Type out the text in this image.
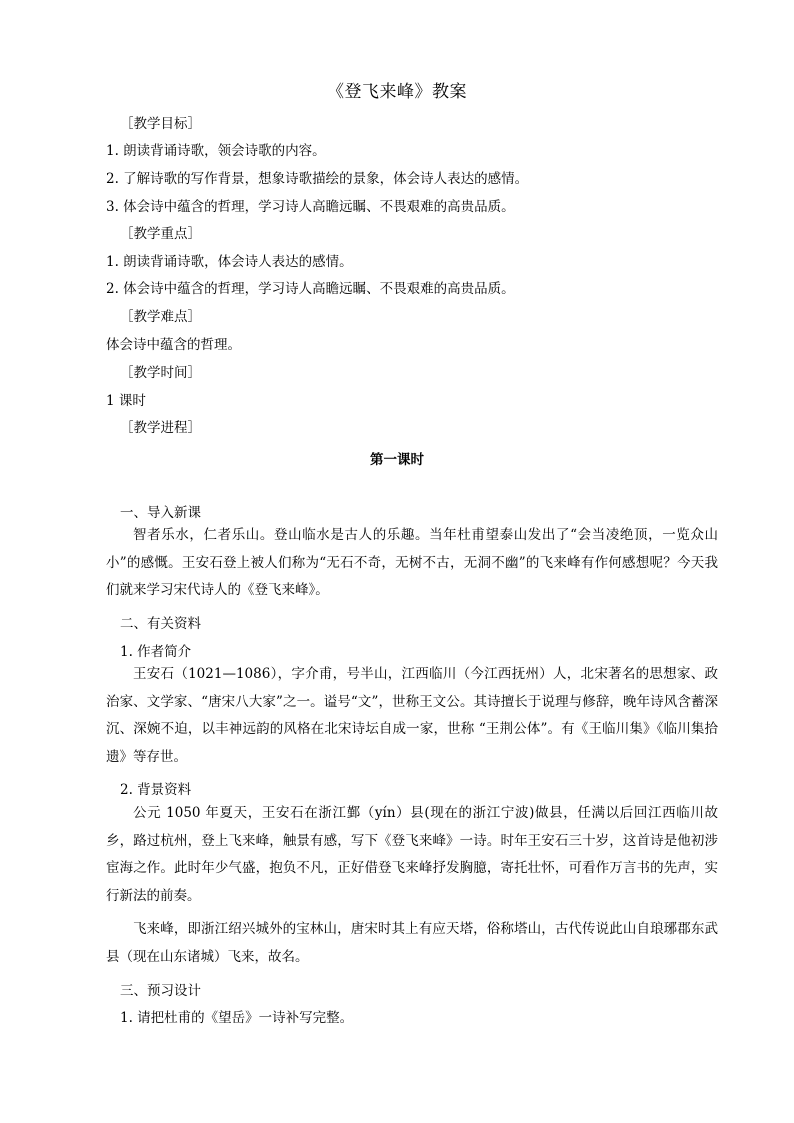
《登飞来峰》教案
［教学目标］
1. 朗读背诵诗歌，领会诗歌的内容。
2. 了解诗歌的写作背景，想象诗歌描绘的景象，体会诗人表达的感情。
3. 体会诗中蕴含的哲理，学习诗人高瞻远瞩、不畏艰难的高贵品质。
［教学重点］
1. 朗读背诵诗歌，体会诗人表达的感情。
2. 体会诗中蕴含的哲理，学习诗人高瞻远瞩、不畏艰难的高贵品质。
［教学难点］
体会诗中蕴含的哲理。
［教学时间］
1 课时
［教学进程］
第一课时
一、导入新课
智者乐水，仁者乐山。登山临水是古人的乐趣。当年杜甫望泰山发出了“会当凌绝顶，一览众山小”的感慨。王安石登上被人们称为“无石不奇，无树不古，无洞不幽”的飞来峰有作何感想呢？今天我们就来学习宋代诗人的《登飞来峰》。
二、有关资料
1. 作者简介
王安石（1021—1086），字介甫，号半山，江西临川（今江西抚州）人，北宋著名的思想家、政治家、文学家、“唐宋八大家”之一。谥号“文”，世称王文公。其诗擅长于说理与修辞，晚年诗风含蓄深沉、深婉不迫，以丰神远韵的风格在北宋诗坛自成一家，世称 “王荆公体”。有《王临川集》《临川集拾遗》等存世。
2. 背景资料
公元 1050 年夏天，王安石在浙江鄞（yín）县(现在的浙江宁波)做县，任满以后回江西临川故乡，路过杭州，登上飞来峰，触景有感，写下《登飞来峰》一诗。时年王安石三十岁，这首诗是他初涉宦海之作。此时年少气盛，抱负不凡，正好借登飞来峰抒发胸臆，寄托壮怀，可看作万言书的先声，实行新法的前奏。
飞来峰，即浙江绍兴城外的宝林山，唐宋时其上有应天塔，俗称塔山，古代传说此山自琅琊郡东武县（现在山东诸城）飞来，故名。
三、预习设计
1. 请把杜甫的《望岳》一诗补写完整。
